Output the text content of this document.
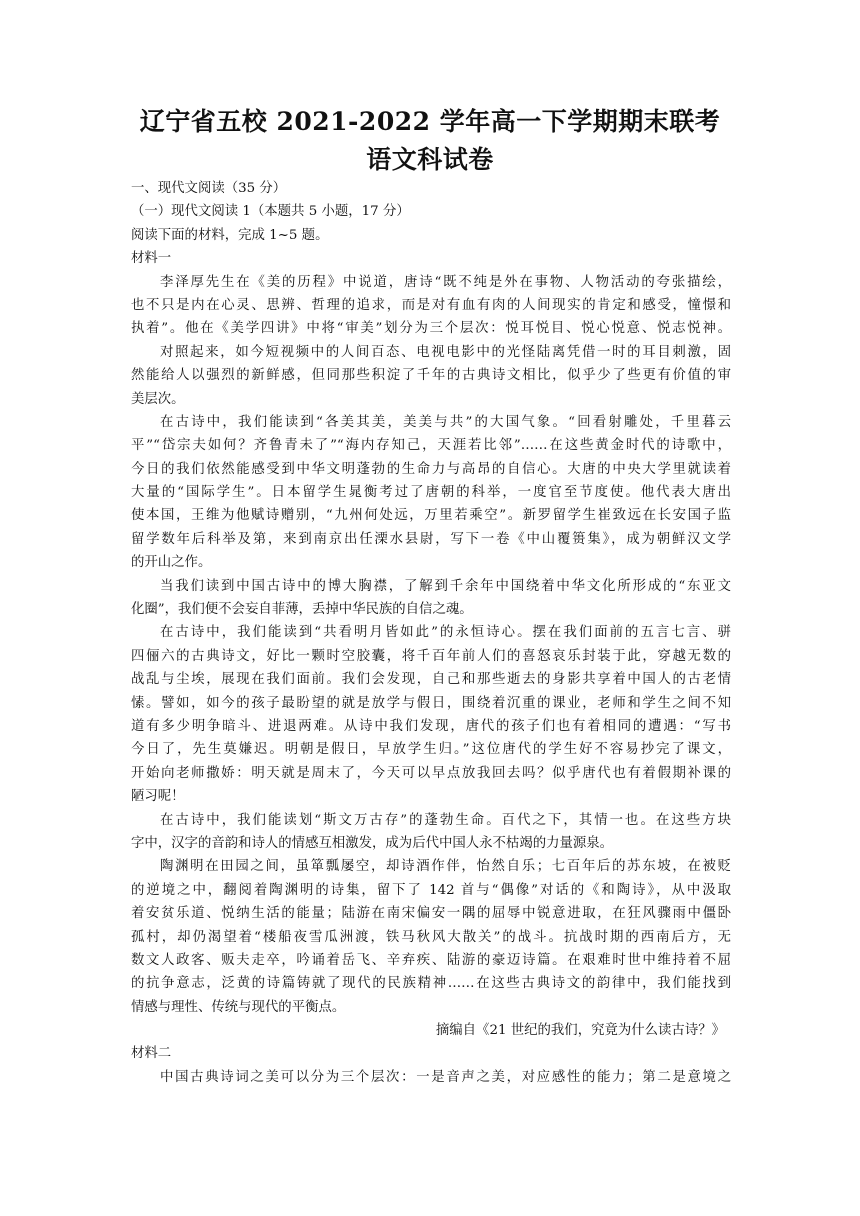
辽宁省五校 2021-2022 学年高一下学期期末联考
语文科试卷
一、现代文阅读（35 分）
（一）现代文阅读 1（本题共 5 小题，17 分）
阅读下面的材料，完成 1~5 题。
材料一
李泽厚先生在《美的历程》中说道，唐诗“既不纯是外在事物、人物活动的夸张描绘，
也不只是内在心灵、思辨、哲理的追求，而是对有血有肉的人间现实的肯定和感受，憧憬和
执着”。他在《美学四讲》中将“审美”划分为三个层次：悦耳悦目、悦心悦意、悦志悦神。
对照起来，如今短视频中的人间百态、电视电影中的光怪陆离凭借一时的耳目刺激，固
然能给人以强烈的新鲜感，但同那些积淀了千年的古典诗文相比，似乎少了些更有价值的审
美层次。
在古诗中，我们能读到“各美其美，美美与共”的大国气象。“回看射雕处，千里暮云
平”“岱宗夫如何？齐鲁青未了”“海内存知己，天涯若比邻”……在这些黄金时代的诗歌中，
今日的我们依然能感受到中华文明蓬勃的生命力与高昂的自信心。大唐的中央大学里就读着
大量的“国际学生”。日本留学生晁衡考过了唐朝的科举，一度官至节度使。他代表大唐出
使本国，王维为他赋诗赠别，“九州何处远，万里若乘空”。新罗留学生崔致远在长安国子监
留学数年后科举及第，来到南京出任溧水县尉，写下一卷《中山覆篑集》，成为朝鲜汉文学
的开山之作。
当我们读到中国古诗中的博大胸襟，了解到千余年中国绕着中华文化所形成的“东亚文
化圈”，我们便不会妄自菲薄，丢掉中华民族的自信之魂。
在古诗中，我们能读到“共看明月皆如此”的永恒诗心。摆在我们面前的五言七言、骈
四俪六的古典诗文，好比一颗时空胶囊，将千百年前人们的喜怒哀乐封装于此，穿越无数的
战乱与尘埃，展现在我们面前。我们会发现，自己和那些逝去的身影共享着中国人的古老情
愫。譬如，如今的孩子最盼望的就是放学与假日，围绕着沉重的课业，老师和学生之间不知
道有多少明争暗斗、进退两难。从诗中我们发现，唐代的孩子们也有着相同的遭遇：“写书
今日了，先生莫嫌迟。明朝是假日，早放学生归。”这位唐代的学生好不容易抄完了课文，
开始向老师撒娇：明天就是周末了，今天可以早点放我回去吗？似乎唐代也有着假期补课的
陋习呢！
在古诗中，我们能读划“斯文万古存”的蓬勃生命。百代之下，其情一也。在这些方块
字中，汉字的音韵和诗人的情感互相激发，成为后代中国人永不枯竭的力量源泉。
陶渊明在田园之间，虽箪瓢屡空，却诗酒作伴，怡然自乐；七百年后的苏东坡，在被贬
的逆境之中，翻阅着陶渊明的诗集，留下了 142 首与“偶像”对话的《和陶诗》，从中汲取
着安贫乐道、悦纳生活的能量；陆游在南宋偏安一隅的屈辱中锐意进取，在狂风骤雨中僵卧
孤村，却仍渴望着“楼船夜雪瓜洲渡，铁马秋风大散关”的战斗。抗战时期的西南后方，无
数文人政客、贩夫走卒，吟诵着岳飞、辛弃疾、陆游的豪迈诗篇。在艰难时世中维持着不屈
的抗争意志，泛黄的诗篇铸就了现代的民族精神……在这些古典诗文的韵律中，我们能找到
情感与理性、传统与现代的平衡点。
摘编自《21 世纪的我们，究竟为什么读古诗？》
材料二
中国古典诗词之美可以分为三个层次：一是音声之美，对应感性的能力；第二是意境之
